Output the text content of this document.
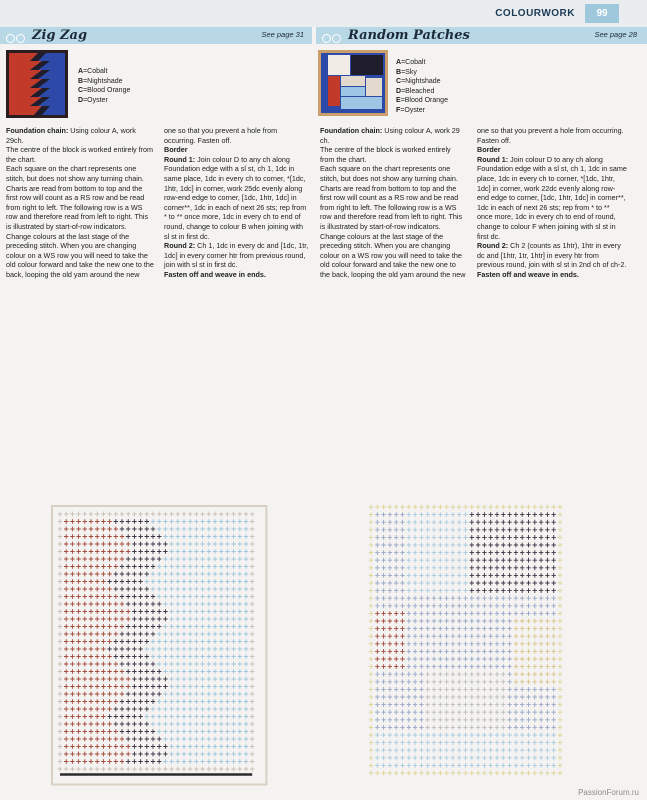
COLOURWORK	99
Zig Zag	See page 31	Random Patches	See page 28
A=Cobalt
B=Nightshade
C=Blood Orange
D=Oyster
A=Cobalt
B=Sky
C=Nightshade
D=Bleached
E=Blood Orange
F=Oyster

Foundation chain: Using colour A, work 29ch.

The centre of the block is worked entirely from the chart.

Each square on the chart represents one stitch, but does not show any turning chain. Charts are read from bottom to top and the first row will count as a RS row and be read from right to left. The following row is a WS row and therefore read from left to right. This is illustrated by start-of-row indicators.

Change colours at the last stage of the preceding stitch. When you are changing colour on a WS row you will need to take the old colour forward and take the new one to the back, looping the old yarn around the new

one so that you prevent a hole from occurring. Fasten off.

Border

Round 1: Join colour D to any ch along Foundation edge with a sl st, ch 1, 1dc in same place, 1dc in every ch to corner, *[1dc, 1htr, 1dc] in corner, work 25dc evenly along row-end edge to corner, [1dc, 1htr, 1dc] in corner**, 1dc in each of next 26 sts; rep from * to ** once more, 1dc in every ch to end of round, change to colour B when joining with sl st in first dc.

Round 2: Ch 1, 1dc in every dc and [1dc, 1tr, 1dc] in every corner htr from previous round, join with sl st in first dc.

Fasten off and weave in ends.

Foundation chain: Using colour A, work 29 ch.

The centre of the block is worked entirely from the chart.

Each square on the chart represents one stitch, but does not show any turning chain. Charts are read from bottom to top and the first row will count as a RS row and be read from right to left. The following row is a WS row and therefore read from left to right. This is illustrated by start-of-row indicators.

Change colours at the last stage of the preceding stitch. When you are changing colour on a WS row you will need to take the old colour forward and take the new one to the back, looping the old yarn around the new

one so that you prevent a hole from occurring. Fasten off.

Border

Round 1: Join colour D to any ch along Foundation edge with a sl st, ch 1, 1dc in same place, 1dc in every ch to corner, *[1dc, 1htr, 1dc] in corner, work 22dc evenly along row-end edge to corner, [1dc, 1htr, 1dc] in corner**, 1dc in each of next 26 sts; rep from * to ** once more, 1dc in every ch to end of round, change to colour F when joining with sl st in first dc.

Round 2: Ch 2 (counts as 1htr), 1htr in every dc and [1htr, 1tr, 1htr] in every htr from previous round, join with sl st in 2nd ch of ch-2.

Fasten off and weave in ends.

PassionForum.ru
